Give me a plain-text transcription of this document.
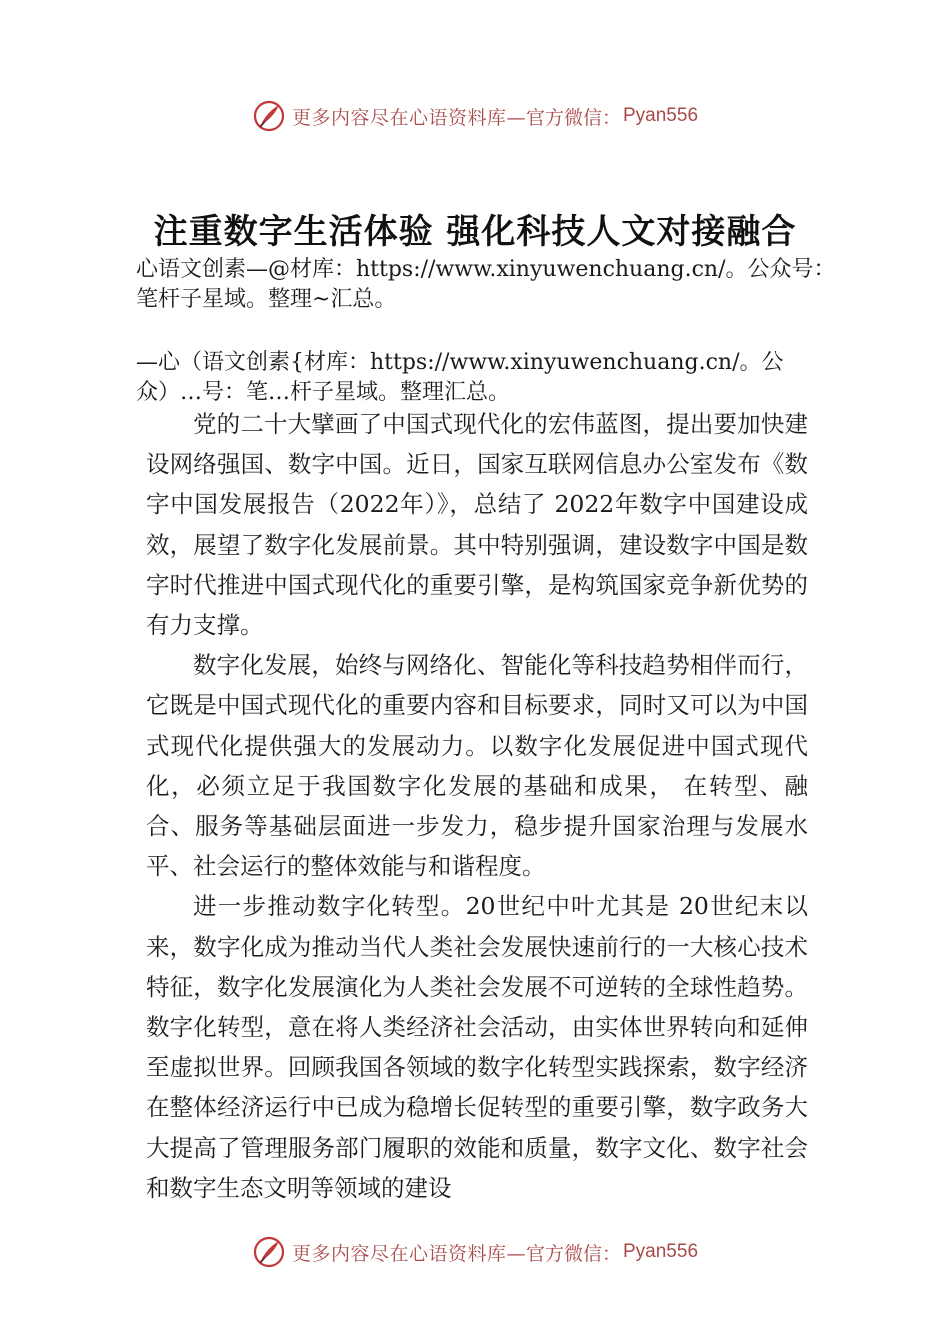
更多内容尽在心语资料库— 官方微信： Pyan556
注重数字生活体验 强化科技人文对接融合
心语文创素—@材库：https://www.xinyuwenchuang.cn/。公众号：笔杆子星域。整理~汇总。
—心（语文创素{材库：https://www.xinyuwenchuang.cn/。公众）…号：笔…杆子星域。整理汇总。

党的二十大擘画了中国式现代化的宏伟蓝图，提出要加快建设网络强国、数字中国。近日，国家互联网信息办公室发布《数字中国发展报告（2022年）》，总结了 2022年数字中国建设成效，展望了数字化发展前景。其中特别强调，建设数字中国是数字时代推进中国式现代化的重要引擎，是构筑国家竞争新优势的有力支撑。

数字化发展，始终与网络化、智能化等科技趋势相伴而行，它既是中国式现代化的重要内容和目标要求，同时又可以为中国式现代化提供强大的发展动力。以数字化发展促进中国式现代化，必须立足于我国数字化发展的基础和成果， 在转型、融合、服务等基础层面进一步发力，稳步提升国家治理与发展水平、社会运行的整体效能与和谐程度。

进一步推动数字化转型。20世纪中叶尤其是 20世纪末以来，数字化成为推动当代人类社会发展快速前行的一大核心技术特征，数字化发展演化为人类社会发展不可逆转的全球性趋势。数字化转型，意在将人类经济社会活动，由实体世界转向和延伸至虚拟世界。回顾我国各领域的数字化转型实践探索，数字经济在整体经济运行中已成为稳增长促转型的重要引擎，数字政务大大提高了管理服务部门履职的效能和质量，数字文化、数字社会和数字生态文明等领域的建设

更多内容尽在心语资料库— 官方微信： Pyan556
